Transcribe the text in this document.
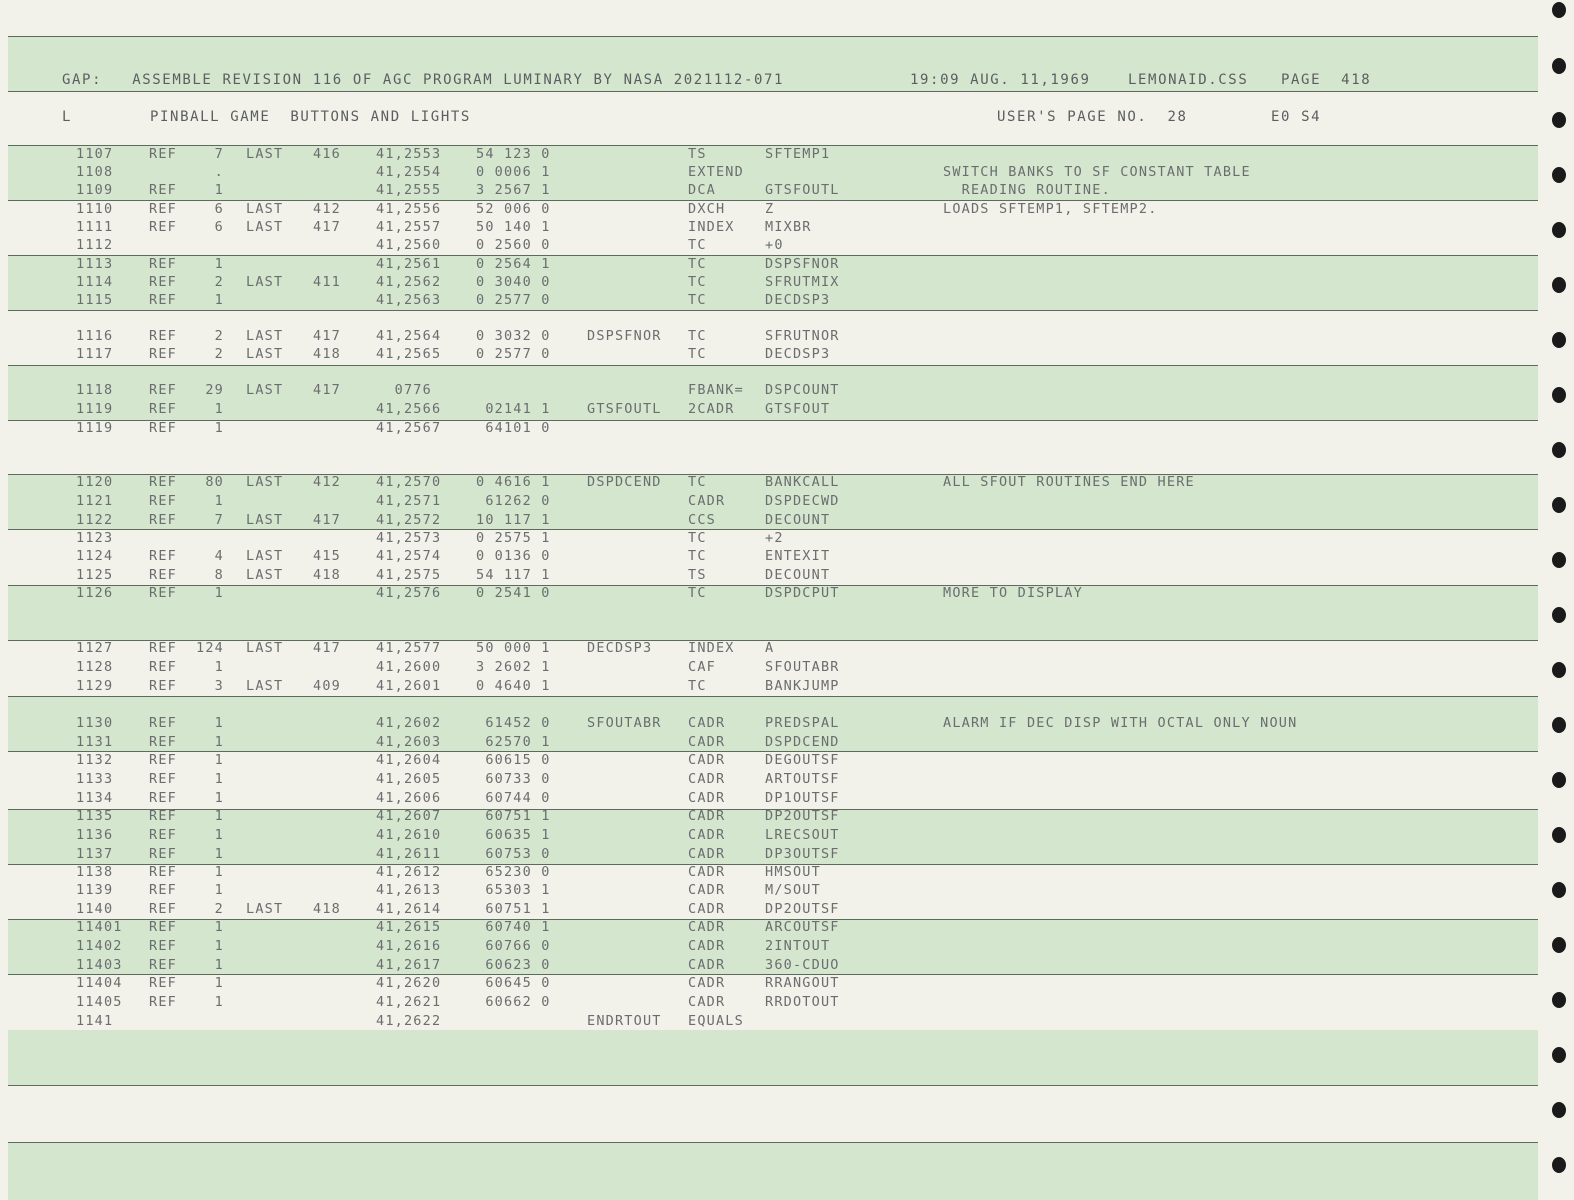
GAP:   ASSEMBLE REVISION 116 OF AGC PROGRAM LUMINARY BY NASA 2021112-071	19:09 AUG. 11,1969	LEMONAID.CSS PAGE  418
L	PINBALL GAME  BUTTONS AND LIGHTS	USER'S PAGE NO.  28	E0 S4
1107	REF	7 LAST 416	41,2553	54 123 0	TS	SFTEMP1
1108	.	41,2554	0 0006 1	EXTEND	SWITCH BANKS TO SF CONSTANT TABLE
1109	REF	1	41,2555	3 2567 1	DCA	GTSFOUTL	READING ROUTINE.
1110	REF	6 LAST 412	41,2556	52 006 0	DXCH	Z	LOADS SFTEMP1, SFTEMP2.
1111	REF	6 LAST 417	41,2557	50 140 1	INDEX MIXBR
1112	41,2560	0 2560 0	TC	+0
1113	REF	1	41,2561	0 2564 1	TC	DSPSFNOR
1114	REF	2 LAST 411	41,2562	0 3040 0	TC	SFRUTMIX
1115	REF	1	41,2563	0 2577 0	TC	DECDSP3
1116	REF	2 LAST 417	41,2564	0 3032 0	DSPSFNOR TC	SFRUTNOR
1117	REF	2 LAST 418	41,2565	0 2577 0	TC	DECDSP3
1118	REF	29 LAST 417	0776	FBANK= DSPCOUNT
1119	REF	1	41,2566	02141 1	GTSFOUTL 2CADR GTSFOUT
1119	REF	1	41,2567	64101 0
1120	REF	80 LAST 412	41,2570	0 4616 1	DSPDCEND TC	BANKCALL	ALL SFOUT ROUTINES END HERE
1121	REF	1	41,2571	61262 0	CADR	DSPDECWD
1122	REF	7 LAST 417	41,2572	10 117 1	CCS	DECOUNT
1123	41,2573	0 2575 1	TC	+2
1124	REF	4 LAST 415	41,2574	0 0136 0	TC	ENTEXIT
1125	REF	8 LAST 418	41,2575	54 117 1	TS	DECOUNT
1126	REF	1	41,2576	0 2541 0	TC	DSPDCPUT	MORE TO DISPLAY
1127	REF	124 LAST 417	41,2577	50 000 1	DECDSP3	INDEX A
1128	REF	1	41,2600	3 2602 1	CAF	SFOUTABR
1129	REF	3 LAST 409	41,2601	0 4640 1	TC	BANKJUMP
1130	REF	1	41,2602	61452 0	SFOUTABR CADR	PREDSPAL	ALARM IF DEC DISP WITH OCTAL ONLY NOUN
1131	REF	1	41,2603	62570 1	CADR	DSPDCEND
1132	REF	1	41,2604	60615 0	CADR	DEGOUTSF
1133	REF	1	41,2605	60733 0	CADR	ARTOUTSF
1134	REF	1	41,2606	60744 0	CADR	DP1OUTSF
1135	REF	1	41,2607	60751 1	CADR	DP2OUTSF
1136	REF	1	41,2610	60635 1	CADR	LRECSOUT
1137	REF	1	41,2611	60753 0	CADR	DP3OUTSF
1138	REF	1	41,2612	65230 0	CADR	HMSOUT
1139	REF	1	41,2613	65303 1	CADR	M/SOUT
1140	REF	2 LAST 418	41,2614	60751 1	CADR	DP2OUTSF
11401 REF	1	41,2615	60740 1	CADR	ARCOUTSF
11402 REF	1	41,2616	60766 0	CADR	2INTOUT
11403 REF	1	41,2617	60623 0	CADR	360-CDUO
11404 REF	1	41,2620	60645 0	CADR	RRANGOUT
11405 REF	1	41,2621	60662 0	CADR	RRDOTOUT
1141	41,2622	ENDRTOUT EQUALS
